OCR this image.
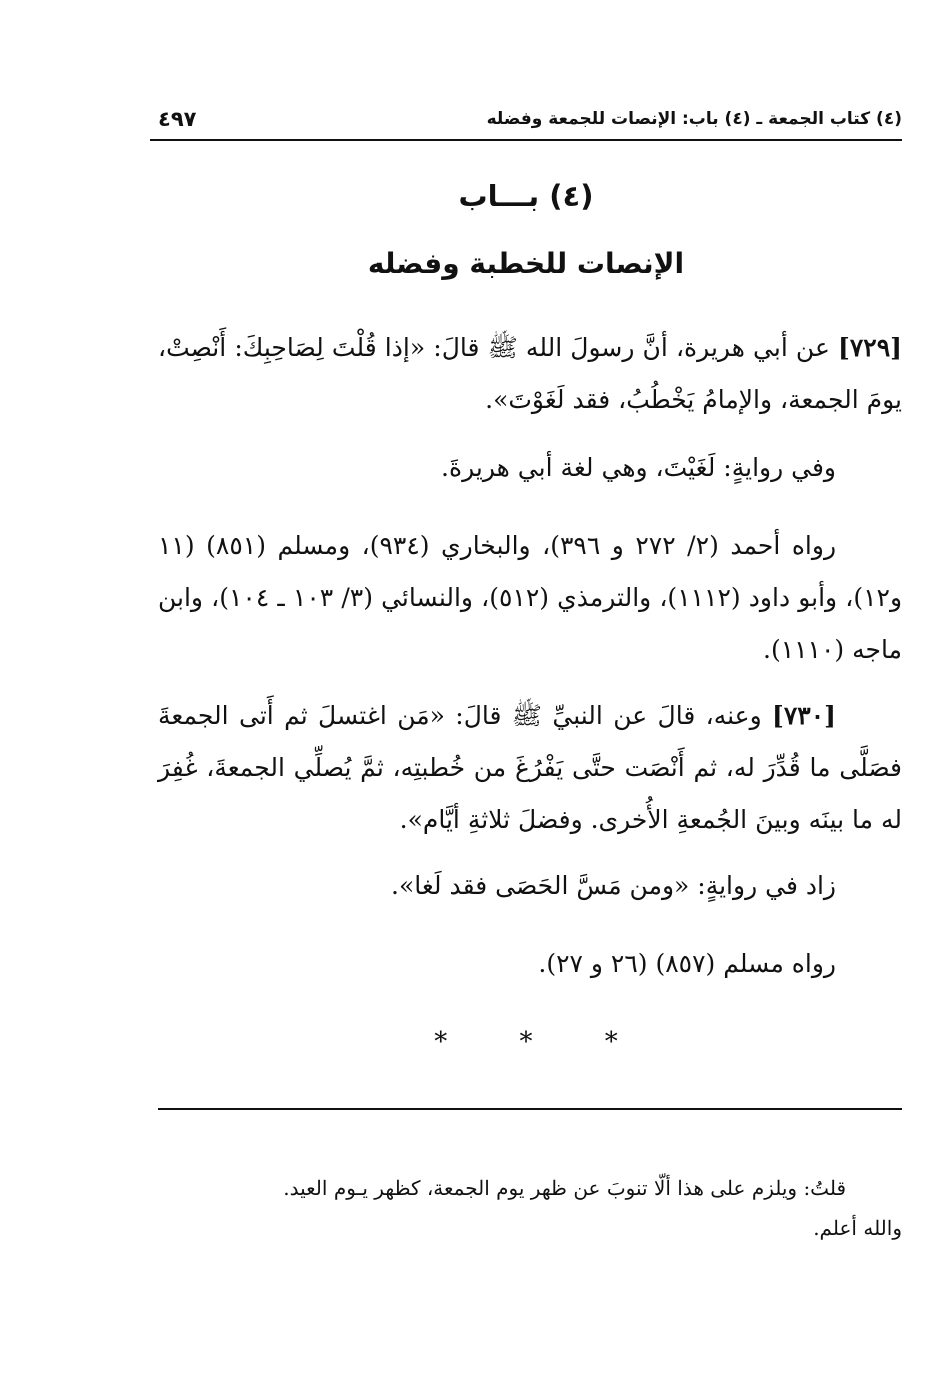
(٤) كتاب الجمعة ـ (٤) باب: الإنصات للجمعة وفضله
٤٩٧
(٤) بـــاب
الإنصات للخطبة وفضله
[٧٢٩] عن أبي هريرة، أنَّ رسولَ الله ﷺ قالَ: «إذا قُلْتَ لِصَاحِبِكَ: أَنْصِتْ، يومَ الجمعة، والإمامُ يَخْطُبُ، فقد لَغَوْتَ».
وفي روايةٍ: لَغَيْتَ، وهي لغة أبي هريرةَ.
رواه أحمد (٢/ ٢٧٢ و ٣٩٦)، والبخاري (٩٣٤)، ومسلم (٨٥١) (١١ و١٢)، وأبو داود (١١١٢)، والترمذي (٥١٢)، والنسائي (٣/ ١٠٣ ـ ١٠٤)، وابن ماجه (١١١٠).
[٧٣٠] وعنه، قالَ عن النبيِّ ﷺ قالَ: «مَن اغتسلَ ثم أَتى الجمعةَ فصَلَّى ما قُدِّرَ له، ثم أَنْصَت حتَّى يَفْرُغَ من خُطبتِه، ثمَّ يُصلِّي الجمعةَ، غُفِرَ له ما بينَه وبينَ الجُمعةِ الأُخرى. وفضلَ ثلاثةِ أيَّام».
زاد في روايةٍ: «ومن مَسَّ الحَصَى فقد لَغا».
رواه مسلم (٨٥٧) (٢٦ و ٢٧).
* * *
قلتُ: ويلزم على هذا ألّا تنوبَ عن ظهر يوم الجمعة، كظهر يـوم العيد.
والله أعلم.
